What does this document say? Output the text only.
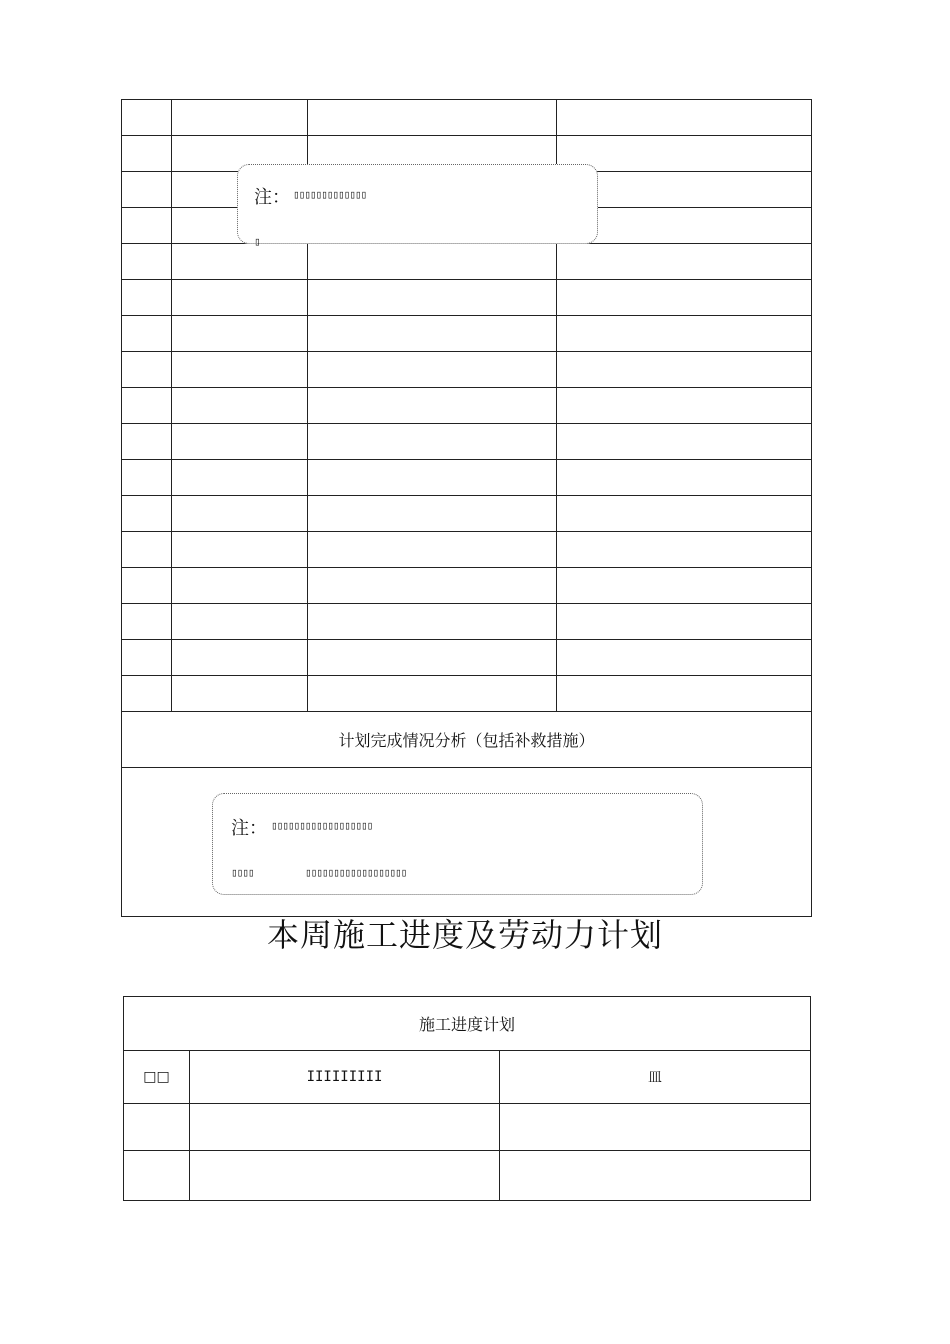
计划完成情况分析（包括补救措施）			

注： ▯▯▯▯▯▯▯▯▯▯▯▯▯
▯
注： ▯▯▯▯▯▯▯▯▯▯▯▯▯▯▯▯▯▯
▯▯▯▯	▯▯▯▯▯▯▯▯▯▯▯▯▯▯▯▯▯▯
本周施工进度及劳动力计划
施工进度计划		
□□	IIIIIIIII	皿
